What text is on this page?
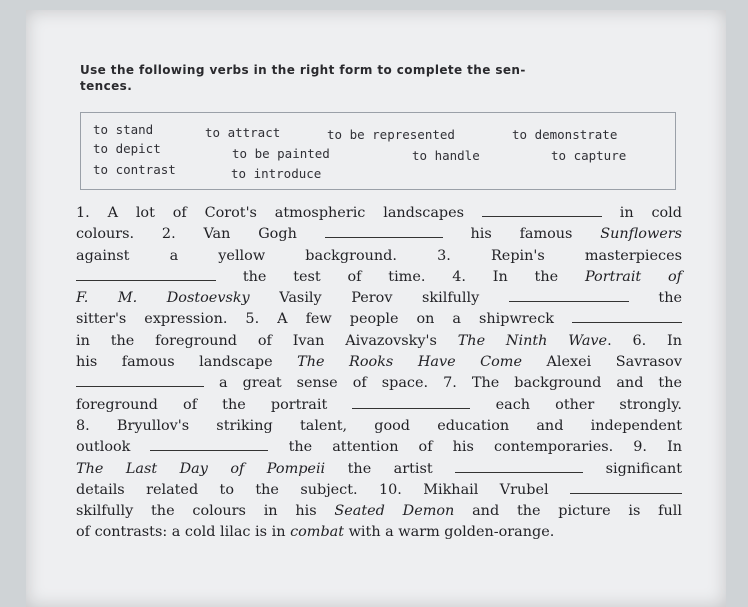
Use the following verbs in the right form to complete the sen-
tences.
to stand	to attract	to be represented	to demonstrate
to depict	to be painted	to handle	to capture
to contrast	to introduce
1. A lot of Corot's atmospheric landscapes	in cold
colours. 2. Van Gogh	his famous Sunflowers
against a yellow background. 3. Repin's masterpieces
the test of time. 4. In the Portrait of
F. M. Dostoevsky Vasily Perov skilfully	the
sitter's expression. 5. A few people on a shipwreck
in the foreground of Ivan Aivazovsky's The Ninth Wave. 6. In
his famous landscape The Rooks Have Come Alexei Savrasov
a great sense of space. 7. The background and the
foreground of the portrait	each other strongly.
8. Bryullov's striking talent, good education and independent
outlook	the attention of his contemporaries. 9. In
The Last Day of Pompeii the artist	significant
details related to the subject. 10. Mikhail Vrubel
skilfully the colours in his Seated Demon and the picture is full
of contrasts: a cold lilac is in combat with a warm golden-orange.
